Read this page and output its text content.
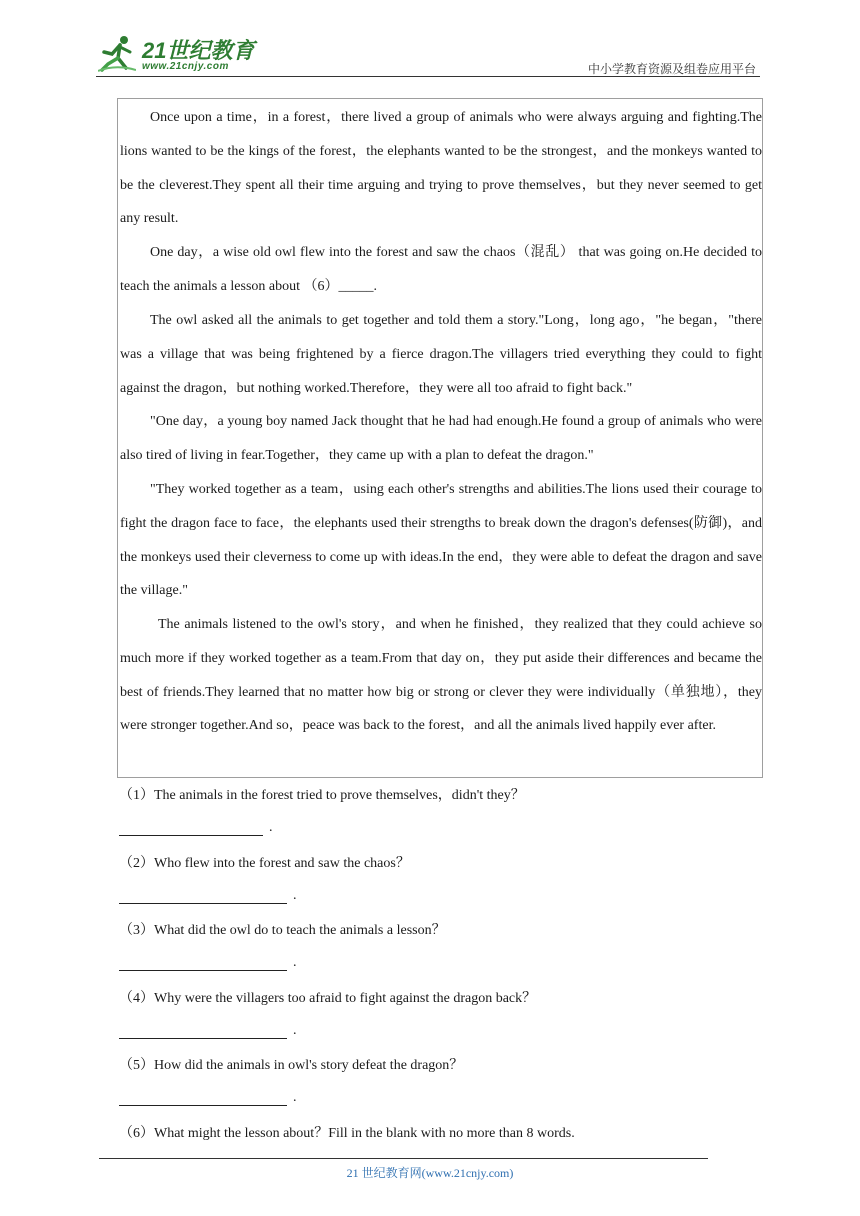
21世纪教育
www.21cnjy.com	中小学教育资源及组卷应用平台

Once upon a time，in a forest，there lived a group of animals who were always arguing and fighting.The lions wanted to be the kings of the forest，the elephants wanted to be the strongest，and the monkeys wanted to be the cleverest.They spent all their time arguing and trying to prove themselves，but they never seemed to get any result.

One day，a wise old owl flew into the forest and saw the chaos（混乱） that was going on.He decided to teach the animals a lesson about （6）_____.

The owl asked all the animals to get together and told them a story."Long，long ago，"he began，"there was a village that was being frightened by a fierce dragon.The villagers tried everything they could to fight against the dragon，but nothing worked.Therefore，they were all too afraid to fight back."

"One day，a young boy named Jack thought that he had had enough.He found a group of animals who were also tired of living in fear.Together，they came up with a plan to defeat the dragon."

"They worked together as a team，using each other's strengths and abilities.The lions used their courage to fight the dragon face to face，the elephants used their strengths to break down the dragon's defenses(防御)，and the monkeys used their cleverness to come up with ideas.In the end，they were able to defeat the dragon and save the village."

The animals listened to the owl's story，and when he finished，they realized that they could achieve so much more if they worked together as a team.From that day on，they put aside their differences and became the best of friends.They learned that no matter how big or strong or clever they were individually（单独地），they were stronger together.And so，peace was back to the forest，and all the animals lived happily ever after.

（1）The animals in the forest tried to prove themselves，didn't they？
.
（2）Who flew into the forest and saw the chaos？
.
（3）What did the owl do to teach the animals a lesson？
.
（4）Why were the villagers too afraid to fight against the dragon back？
.
（5）How did the animals in owl's story defeat the dragon？
.
（6）What might the lesson about？Fill in the blank with no more than 8 words.
21 世纪教育网(www.21cnjy.com)
